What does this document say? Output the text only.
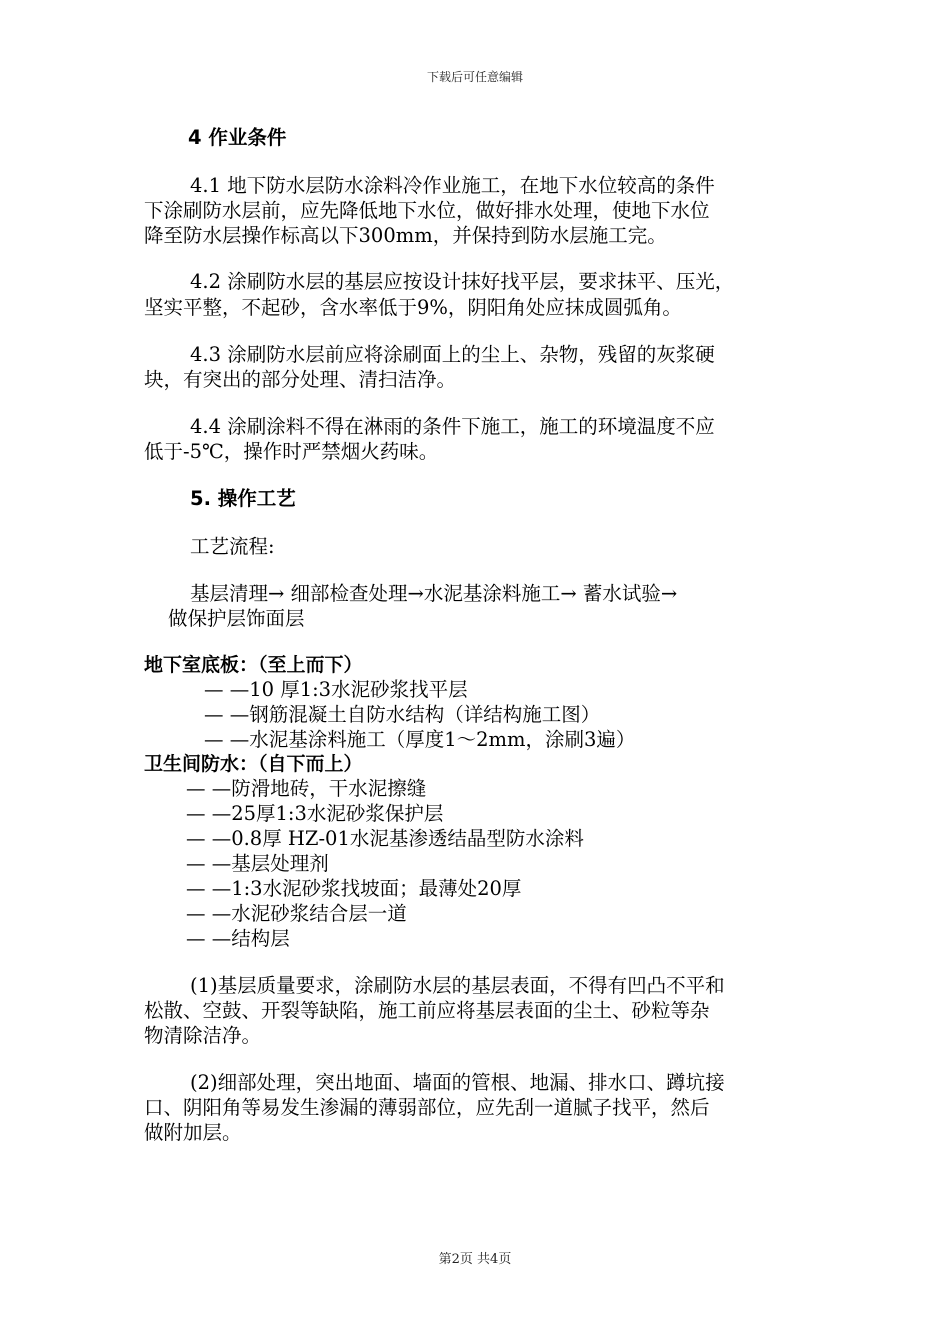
下载后可任意编辑
4 作业条件
4.1 地下防水层防水涂料冷作业施工，在地下水位较高的条件
下涂刷防水层前，应先降低地下水位，做好排水处理，使地下水位
降至防水层操作标高以下300mm，并保持到防水层施工完。
4.2 涂刷防水层的基层应按设计抹好找平层，要求抹平、压光，
坚实平整，不起砂，含水率低于9%，阴阳角处应抹成圆弧角。
4.3 涂刷防水层前应将涂刷面上的尘上、杂物，残留的灰浆硬
块，有突出的部分处理、清扫洁净。
4.4 涂刷涂料不得在淋雨的条件下施工，施工的环境温度不应
低于-5℃，操作时严禁烟火药味。
5. 操作工艺
工艺流程:
基层清理→ 细部检查处理→水泥基涂料施工→ 蓄水试验→
做保护层饰面层
地下室底板：（至上而下）
— —10 厚1:3水泥砂浆找平层
— —钢筋混凝土自防水结构（详结构施工图）
— —水泥基涂料施工（厚度1～2mm，涂刷3遍）
卫生间防水：（自下而上）
— —防滑地砖，干水泥擦缝
— —25厚1:3水泥砂浆保护层
— —0.8厚 HZ-01水泥基渗透结晶型防水涂料
— —基层处理剂
— —1:3水泥砂浆找坡面；最薄处20厚
— —水泥砂浆结合层一道
— —结构层
(1)基层质量要求，涂刷防水层的基层表面，不得有凹凸不平和
松散、空鼓、开裂等缺陷，施工前应将基层表面的尘土、砂粒等杂
物清除洁净。
(2)细部处理，突出地面、墙面的管根、地漏、排水口、蹲坑接
口、阴阳角等易发生渗漏的薄弱部位，应先刮一道腻子找平，然后
做附加层。
第2页 共4页
